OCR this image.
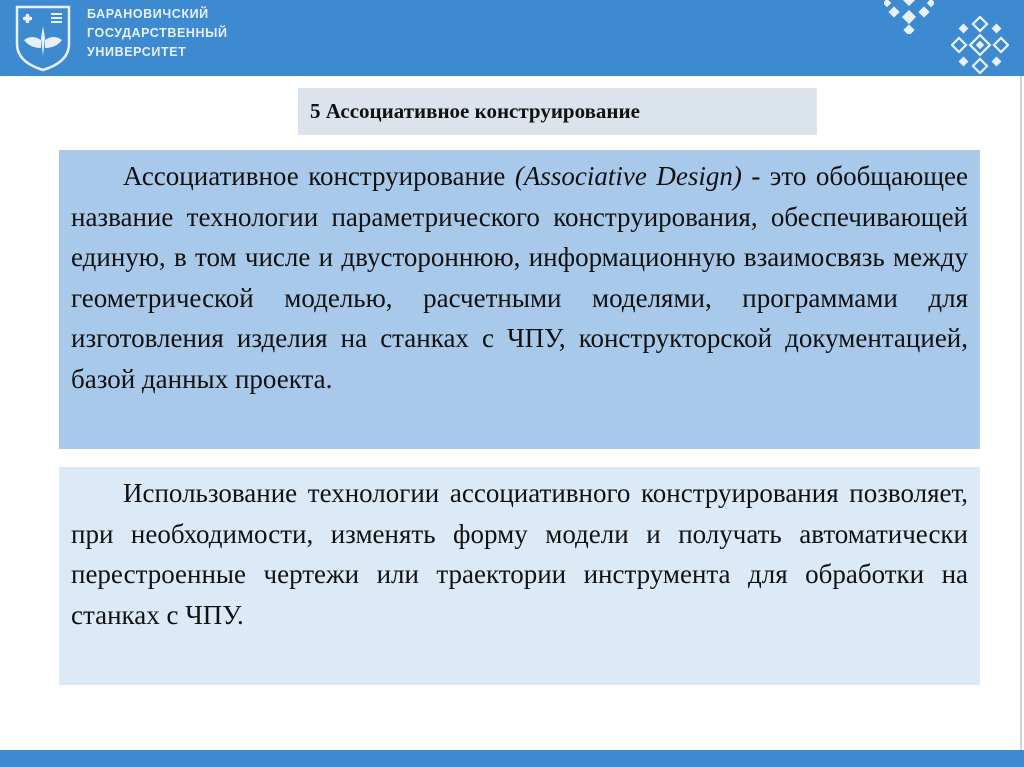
БАРАНОВИЧСКИЙ
ГОСУДАРСТВЕННЫЙ
УНИВЕРСИТЕТ
5 Ассоциативное конструирование

Ассоциативное конструирование (Associative Design) - это обобщающее название технологии параметрического конструирования, обеспечивающей единую, в том числе и двустороннюю, информационную взаимосвязь между геометрической моделью, расчетными моделями, программами для изготовления изделия на станках с ЧПУ, конструкторской документацией, базой данных проекта.

Использование технологии ассоциативного конструирования позволяет, при необходимости, изменять форму модели и получать автоматически перестроенные чертежи или траектории инструмента для обработки на станках с ЧПУ.
